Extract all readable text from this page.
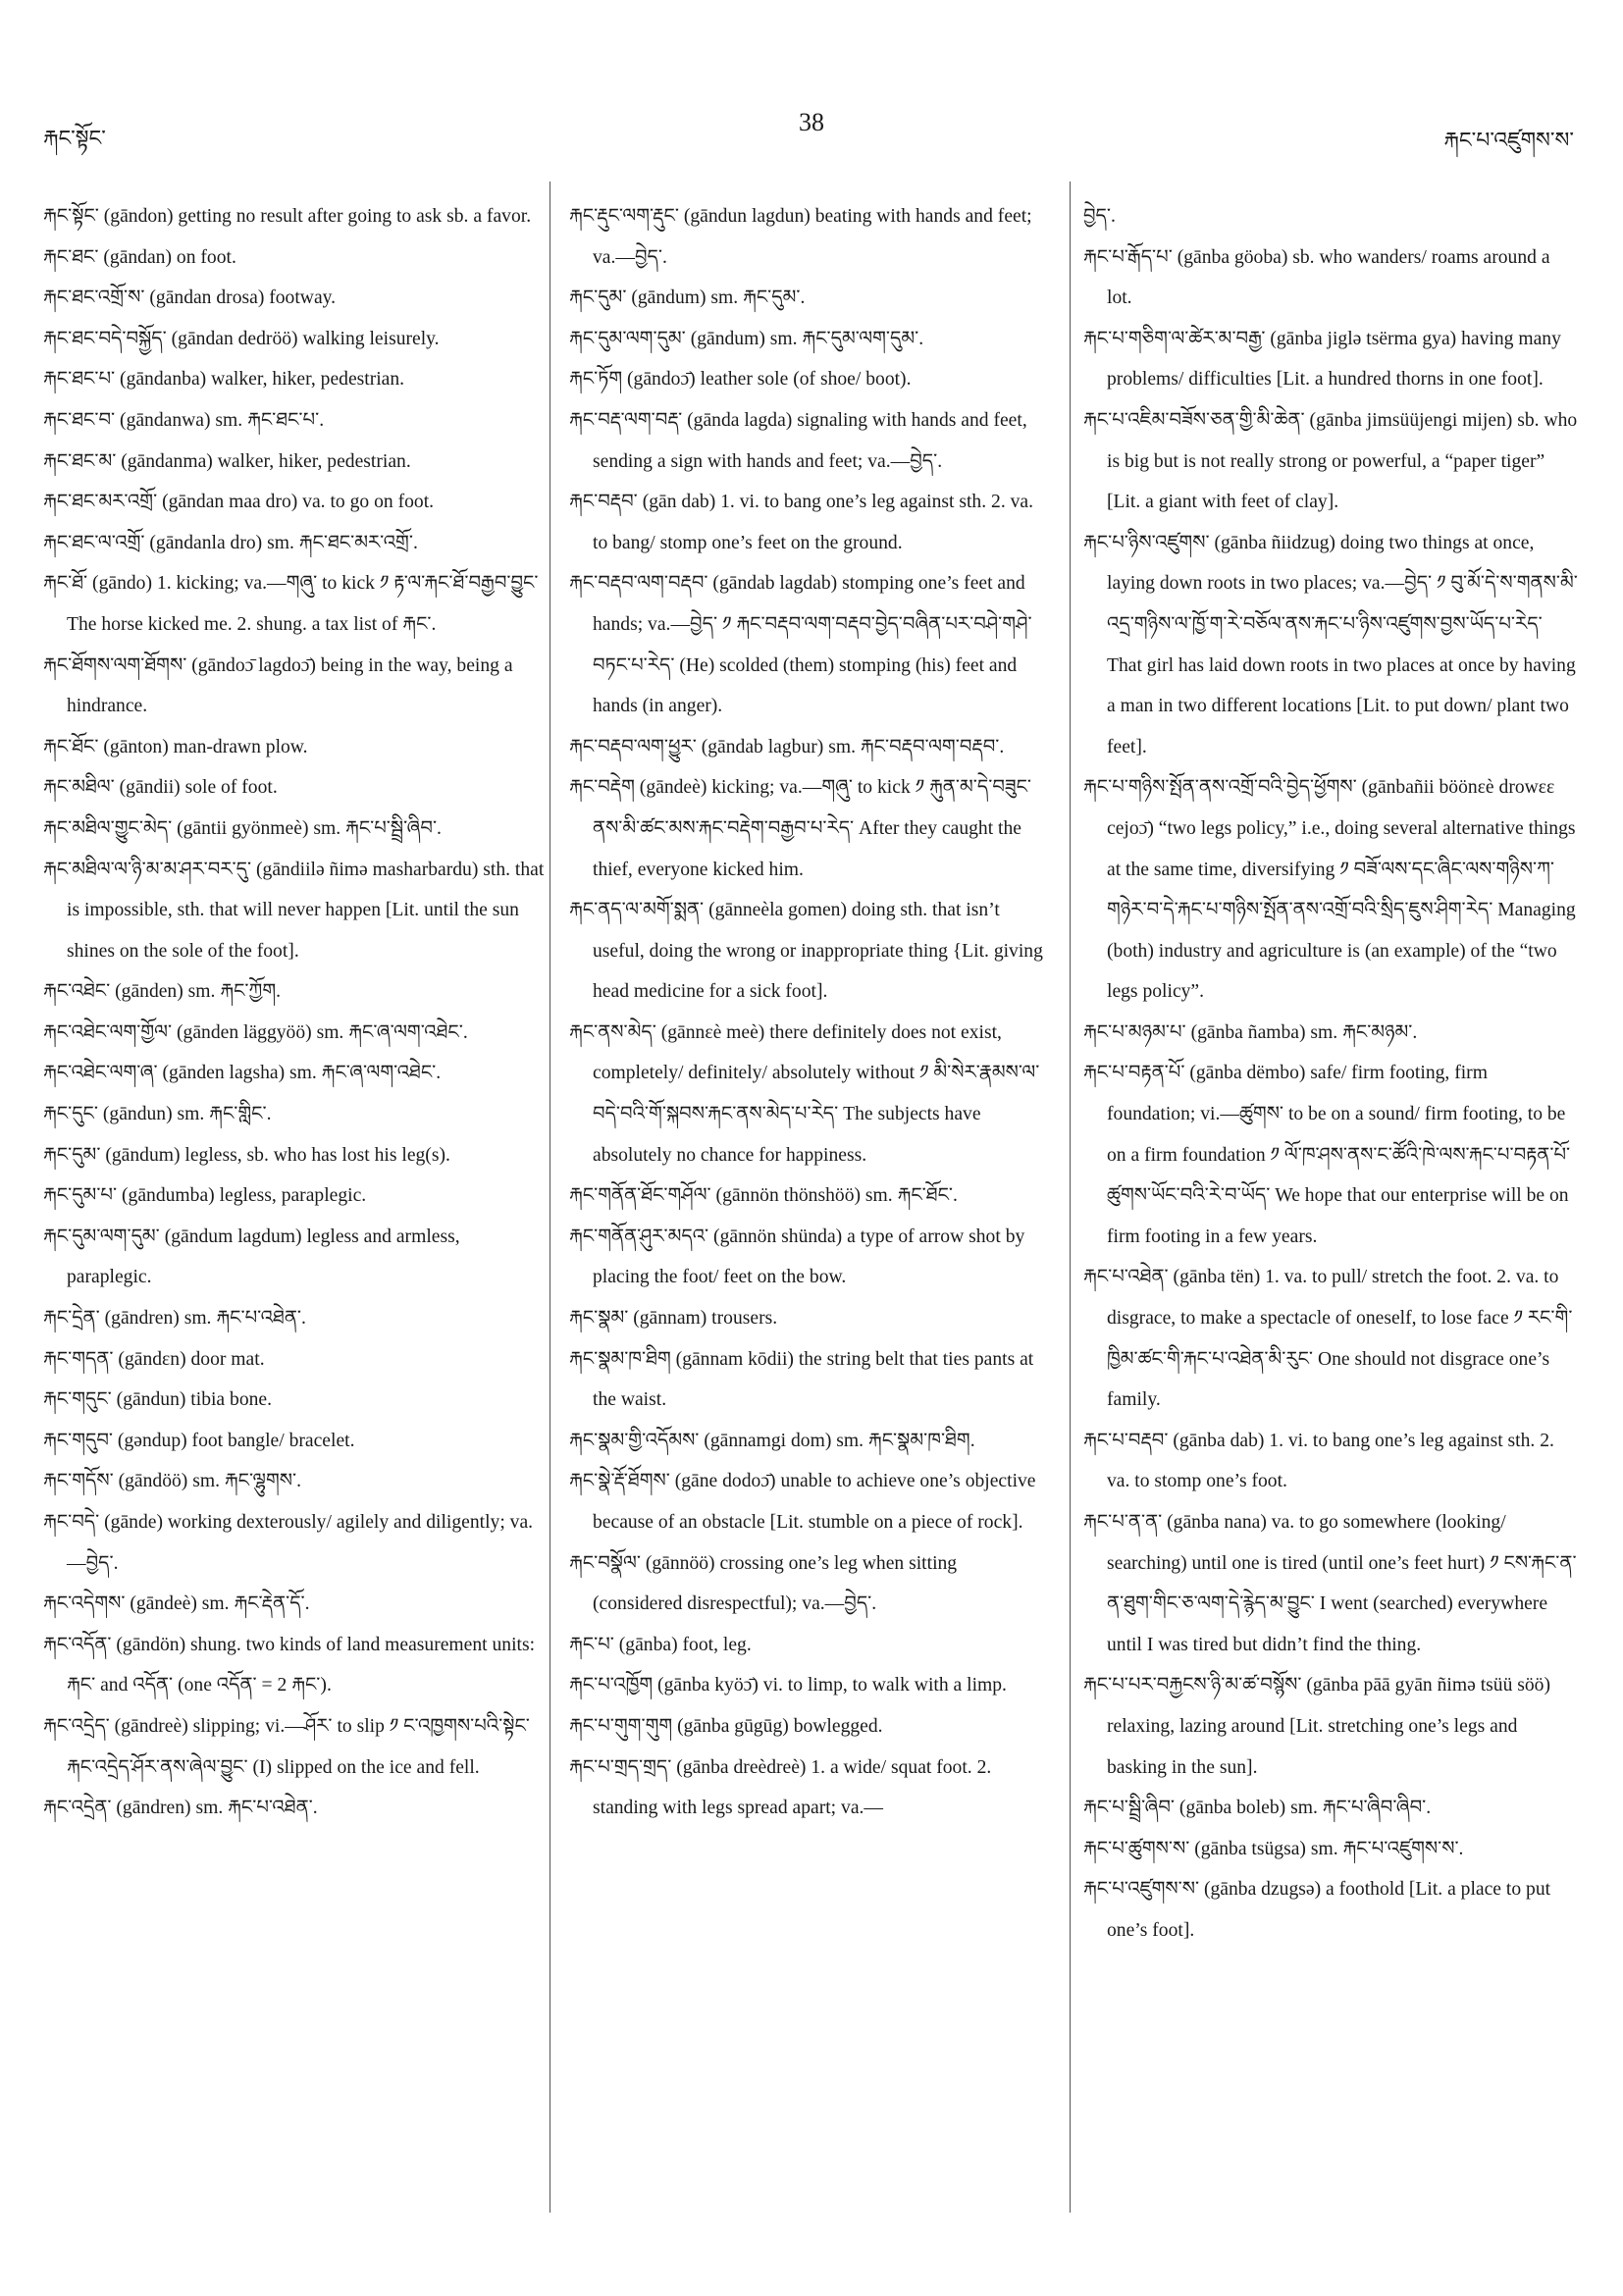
རྐང་སྟོང་
38
རྐང་པ་འཛུགས་ས་

རྐང་སྟོང་ (gāndon) getting no result after going to ask sb. a favor.

རྐང་ཐང་ (gāndan) on foot.

རྐང་ཐང་འགྲོ་ས་ (gāndan drosa) footway.

རྐང་ཐང་བདེ་བསྐྱོད་ (gāndan dedröö) walking leisurely.

རྐང་ཐང་པ་ (gāndanba) walker, hiker, pedestrian.

རྐང་ཐང་བ་ (gāndanwa) sm. རྐང་ཐང་པ་.

རྐང་ཐང་མ་ (gāndanma) walker, hiker, pedestrian.

རྐང་ཐང་མར་འགྲོ་ (gāndan maa dro) va. to go on foot.

རྐང་ཐང་ལ་འགྲོ་ (gāndanla dro) sm. རྐང་ཐང་མར་འགྲོ་.

རྐང་ཐོ་ (gāndo) 1. kicking; va.—གཞུ་ to kick ༡ རྟ་ལ་རྐང་ཐོ་བརྒྱབ་བྱུང་ The horse kicked me. 2. shung. a tax list of རྐང་.

རྐང་ཐོགས་ལག་ཐོགས་ (gāndoɔ̄ lagdoɔ̄) being in the way, being a hindrance.

རྐང་ཐོང་ (gānton) man-drawn plow.

རྐང་མཐིལ་ (gāndii) sole of foot.

རྐང་མཐིལ་གྱུང་མེད་ (gāntii gyönmeè) sm. རྐང་པ་སྦྲི་ཞིབ་.

རྐང་མཐིལ་ལ་ཉི་མ་མ་ཤར་བར་དུ་ (gāndiilə ñimə masharbardu) sth. that is impossible, sth. that will never happen [Lit. until the sun shines on the sole of the foot].

རྐང་འཐེང་ (gānden) sm. རྐང་ཀྱོག.

རྐང་འཐེང་ལག་གྱོལ་ (gānden läggyöö) sm. རྐང་ཞ་ལག་འཐེང་.

རྐང་འཐེང་ལག་ཞ་ (gānden lagsha) sm. རྐང་ཞ་ལག་འཐེང་.

རྐང་དུང་ (gāndun) sm. རྐང་གླིང་.

རྐང་དུམ་ (gāndum) legless, sb. who has lost his leg(s).

རྐང་དུམ་པ་ (gāndumba) legless, paraplegic.

རྐང་དུམ་ལག་དུམ་ (gāndum lagdum) legless and armless, paraplegic.

རྐང་དྲེན་ (gāndren) sm. རྐང་པ་འཐེན་.

རྐང་གདན་ (gāndɛn) door mat.

རྐང་གདུང་ (gāndun) tibia bone.

རྐང་གདུབ་ (gəndup) foot bangle/ bracelet.

རྐང་གདོས་ (gāndöö) sm. རྐང་ལྷུགས་.

རྐང་བདེ་ (gānde) working dexterously/ agilely and diligently; va.—བྱེད་.

རྐང་འདེགས་ (gāndeè) sm. རྐང་རྡེན་དོ་.

རྐང་འདོན་ (gāndön) shung. two kinds of land measurement units: རྐང་ and འདོན་ (one འདོན་ = 2 རྐང་).

རྐང་འདྲེད་ (gāndreè) slipping; vi.—ཤོར་ to slip ༡ ང་འཁྱགས་པའི་སྟེང་རྐང་འདྲེད་ཤོར་ནས་ཞེལ་བྱུང་ (I) slipped on the ice and fell.

རྐང་འདྲེན་ (gāndren) sm. རྐང་པ་འཐེན་.

རྐང་རྡུང་ལག་རྡུང་ (gāndun lagdun) beating with hands and feet; va.—བྱེད་.

རྐང་དུམ་ (gāndum) sm. རྐང་དུམ་.

རྐང་དུམ་ལག་དུམ་ (gāndum) sm. རྐང་དུམ་ལག་དུམ་.

རྐང་ཏོག (gāndoɔ̄) leather sole (of shoe/ boot).

རྐང་བརྡ་ལག་བརྡ་ (gānda lagda) signaling with hands and feet, sending a sign with hands and feet; va.—བྱེད་.

རྐང་བརྡབ་ (gān dab) 1. vi. to bang one’s leg against sth. 2. va. to bang/ stomp one’s feet on the ground.

རྐང་བརྡབ་ལག་བརྡབ་ (gāndab lagdab) stomping one’s feet and hands; va.—བྱེད་ ༡ རྐང་བརྡབ་ལག་བརྡབ་བྱེད་བཞིན་པར་བཤེ་གཤེ་བཏང་པ་རེད་ (He) scolded (them) stomping (his) feet and hands (in anger).

རྐང་བརྡབ་ལག་ཕྱུར་ (gāndab lagbur) sm. རྐང་བརྡབ་ལག་བརྡབ་.

རྐང་བརྡེག (gāndeè) kicking; va.—གཞུ་ to kick ༡ རྐུན་མ་དེ་བཟུང་ནས་མི་ཚང་མས་རྐང་བརྡེག་བརྒྱབ་པ་རེད་ After they caught the thief, everyone kicked him.

རྐང་ནད་ལ་མགོ་སྨན་ (gānneèla gomen) doing sth. that isn’t useful, doing the wrong or inappropriate thing {Lit. giving head medicine for a sick foot].

རྐང་ནས་མེད་ (gānnɛè meè) there definitely does not exist, completely/ definitely/ absolutely without ༡ མི་སེར་རྣམས་ལ་བདེ་བའི་གོ་སྐབས་རྐང་ནས་མེད་པ་རེད་ The subjects have absolutely no chance for happiness.

རྐང་གནོན་ཐོང་གཤོལ་ (gānnön thönshöö) sm. རྐང་ཐོང་.

རྐང་གནོན་ཤུར་མདའ་ (gānnön shünda) a type of arrow shot by placing the foot/ feet on the bow.

རྐང་སྣམ་ (gānnam) trousers.

རྐང་སྣམ་ཁ་ཐིག (gānnam kōdii) the string belt that ties pants at the waist.

རྐང་སྣམ་གྱི་འདོམས་ (gānnamgi dom) sm. རྐང་སྣམ་ཁ་ཐིག.

རྐང་སྣེ་རྡོ་ཐོགས་ (gāne dodoɔ̄) unable to achieve one’s objective because of an obstacle [Lit. stumble on a piece of rock].

རྐང་བསྣོལ་ (gānnöö) crossing one’s leg when sitting (considered disrespectful); va.—བྱེད་.

རྐང་པ་ (gānba) foot, leg.

རྐང་པ་འཁྱོག (gānba kyöɔ̄) vi. to limp, to walk with a limp.

རྐང་པ་གུག་གུག (gānba gūgūg) bowlegged.

རྐང་པ་གྲད་གྲད་ (gānba dreèdreè) 1. a wide/ squat foot. 2. standing with legs spread apart; va.—

བྱེད་.

རྐང་པ་རྒོད་པ་ (gānba göoba) sb. who wanders/ roams around a lot.

རྐང་པ་གཅིག་ལ་ཚེར་མ་བརྒྱ་ (gānba jiglə tsërma gya) having many problems/ difficulties [Lit. a hundred thorns in one foot].

རྐང་པ་འཇིམ་བཟོས་ཅན་གྱི་མི་ཆེན་ (gānba jimsüüjengi mijen) sb. who is big but is not really strong or powerful, a “paper tiger” [Lit. a giant with feet of clay].

རྐང་པ་ཉིས་འཛུགས་ (gānba ñiidzug) doing two things at once, laying down roots in two places; va.—བྱེད་ ༡ བུ་མོ་དེ་ས་གནས་མི་འདྲ་གཉིས་ལ་ཁྱོ་ག་རེ་བཅོལ་ནས་རྐང་པ་ཉིས་འཛུགས་བྱས་ཡོད་པ་རེད་ That girl has laid down roots in two places at once by having a man in two different locations [Lit. to put down/ plant two feet].

རྐང་པ་གཉིས་སྤོན་ནས་འགྲོ་བའི་བྱེད་ཕྱོགས་ (gānbañii böönɛè drowɛɛ cejoɔ̄) “two legs policy,” i.e., doing several alternative things at the same time, diversifying ༡ བཟོ་ལས་དང་ཞིང་ལས་གཉིས་ཀ་གཉེར་བ་དེ་རྐང་པ་གཉིས་སྤོན་ནས་འགྲོ་བའི་སྲིད་ཇུས་ཤིག་རེད་ Managing (both) industry and agriculture is (an example) of the “two legs policy”.

རྐང་པ་མཉམ་པ་ (gānba ñamba) sm. རྐང་མཉམ་.

རྐང་པ་བརྟན་པོ་ (gānba dëmbo) safe/ firm footing, firm foundation; vi.—ཚུགས་ to be on a sound/ firm footing, to be on a firm foundation ༡ ལོ་ཁ་ཤས་ནས་ང་ཚོའི་ཁེ་ལས་རྐང་པ་བརྟན་པོ་ཚུགས་ཡོང་བའི་རེ་བ་ཡོད་ We hope that our enterprise will be on firm footing in a few years.

རྐང་པ་འཐེན་ (gānba tën) 1. va. to pull/ stretch the foot. 2. va. to disgrace, to make a spectacle of oneself, to lose face ༡ རང་གི་ཁྱིམ་ཚང་གི་རྐང་པ་འཐེན་མི་རུང་ One should not disgrace one’s family.

རྐང་པ་བརྡབ་ (gānba dab) 1. vi. to bang one’s leg against sth. 2. va. to stomp one’s foot.

རྐང་པ་ན་ན་ (gānba nana) va. to go somewhere (looking/ searching) until one is tired (until one’s feet hurt) ༡ ངས་རྐང་ན་ན་ཐུག་གིང་ཅ་ལག་དེ་རྙེད་མ་བྱུང་ I went (searched) everywhere until I was tired but didn’t find the thing.

རྐང་པ་པར་བརྐྱངས་ཉི་མ་ཚ་བསྙོས་ (gānba pāā gyān ñimə tsüü söö) relaxing, lazing around [Lit. stretching one’s legs and basking in the sun].

རྐང་པ་སྦྲི་ཞིབ་ (gānba boleb) sm. རྐང་པ་ཞིབ་ཞིབ་.

རྐང་པ་ཚུགས་ས་ (gānba tsügsa) sm. རྐང་པ་འཛུགས་ས་.

རྐང་པ་འཛུགས་ས་ (gānba dzugsə) a foothold [Lit. a place to put one’s foot].
